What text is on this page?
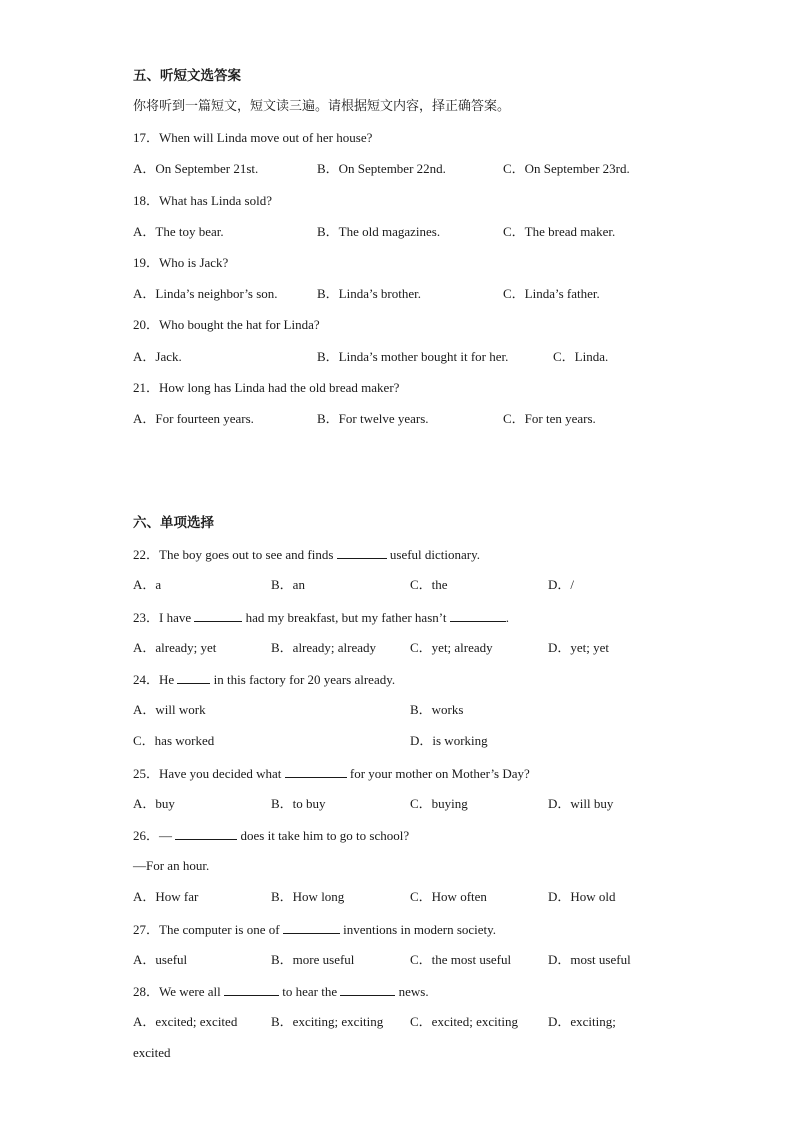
五、听短文选答案
你将听到一篇短文，短文读三遍。请根据短文内容，择正确答案。
17．When will Linda move out of her house?
A．On September 21st.	B．On September 22nd.	C．On September 23rd.
18．What has Linda sold?
A．The toy bear.	B．The old magazines.	C．The bread maker.
19．Who is Jack?
A．Linda’s neighbor’s son.	B．Linda’s brother.	C．Linda’s father.
20．Who bought the hat for Linda?
A．Jack.	B．Linda’s mother bought it for her.	C．Linda.
21．How long has Linda had the old bread maker?
A．For fourteen years.	B．For twelve years.	C．For ten years.
六、单项选择
22．The boy goes out to see and finds	useful dictionary.
A．a	B．an	C．the	D．/
23．I have	had my breakfast, but my father hasn’t	.
A．already; yet	B．already; already	C．yet; already	D．yet; yet
24．He	in this factory for 20 years already.
A．will work	B．works
C．has worked	D．is working
25．Have you decided what	for your mother on Mother’s Day?
A．buy	B．to buy	C．buying	D．will buy
26．—	does it take him to go to school?
—For an hour.
A．How far	B．How long	C．How often	D．How old
27．The computer is one of	inventions in modern society.
A．useful	B．more useful	C．the most useful	D．most useful
28．We were all	to hear the	news.
A．excited; excited	B．exciting; exciting C．excited; exciting D．exciting;
excited
